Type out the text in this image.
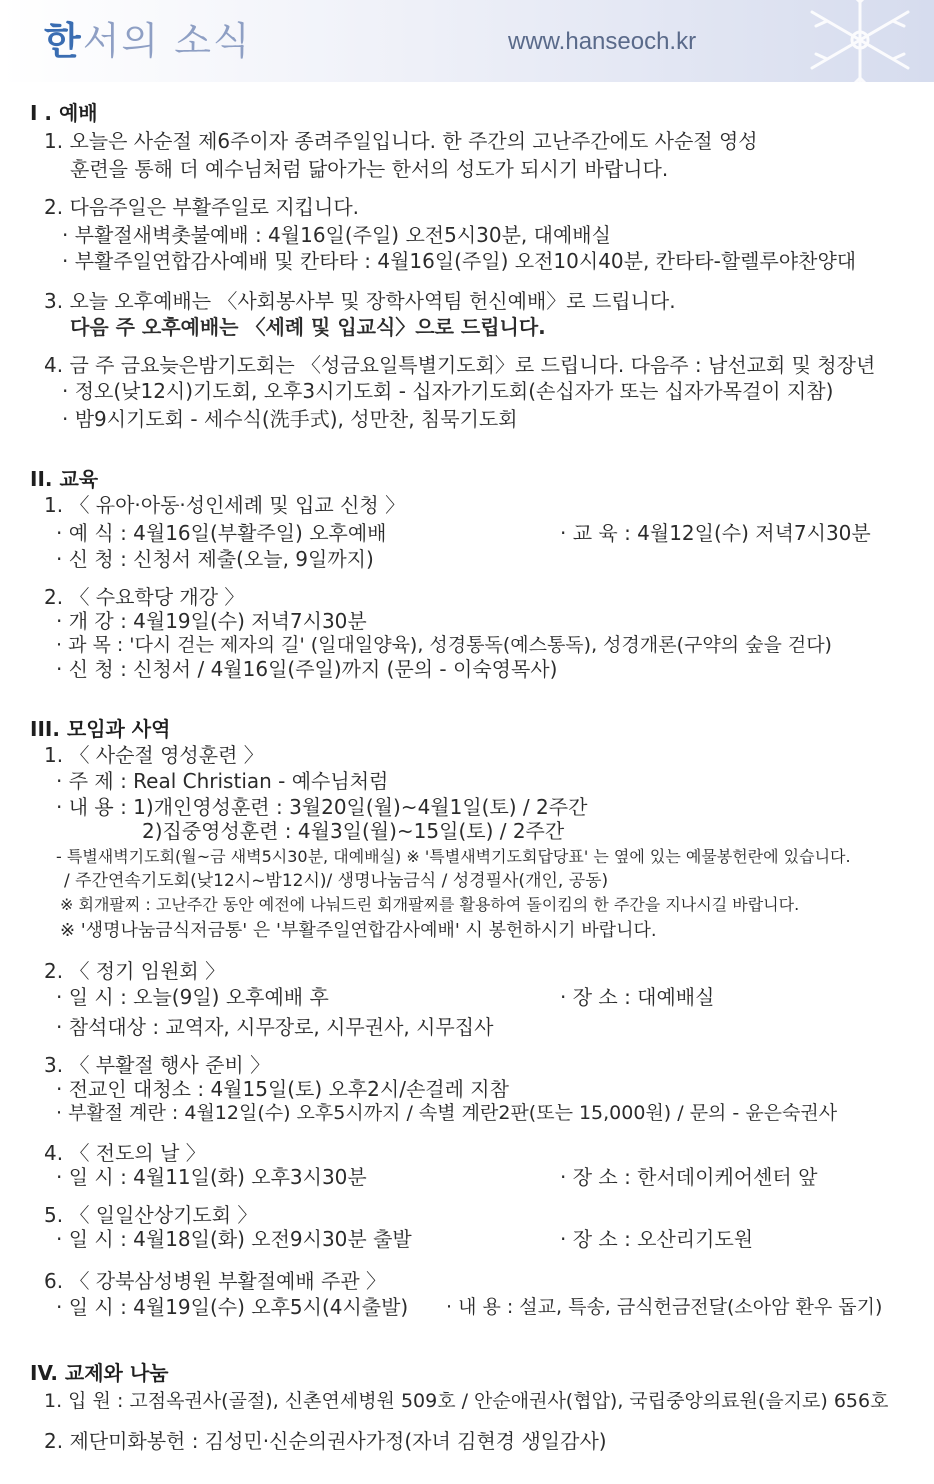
한서의 소식	www.hanseoch.kr
I . 예배
1. 오늘은 사순절 제6주이자 종려주일입니다. 한 주간의 고난주간에도 사순절 영성
훈련을 통해 더 예수님처럼 닮아가는 한서의 성도가 되시기 바랍니다.
2. 다음주일은 부활주일로 지킵니다.
· 부활절새벽촛불예배 : 4월16일(주일) 오전5시30분, 대예배실
· 부활주일연합감사예배 및 칸타타 : 4월16일(주일) 오전10시40분, 칸타타-할렐루야찬양대
3. 오늘 오후예배는 〈사회봉사부 및 장학사역팀 헌신예배〉로 드립니다.
다음 주 오후예배는 〈세례 및 입교식〉으로 드립니다.
4. 금 주 금요늦은밤기도회는 〈성금요일특별기도회〉로 드립니다. 다음주 : 남선교회 및 청장년
· 정오(낮12시)기도회, 오후3시기도회 - 십자가기도회(손십자가 또는 십자가목걸이 지참)
· 밤9시기도회 - 세수식(洗手式), 성만찬, 침묵기도회
II. 교육
1. 〈 유아·아동·성인세례 및 입교 신청 〉
· 예 식 : 4월16일(부활주일) 오후예배	· 교 육 : 4월12일(수) 저녁7시30분
· 신 청 : 신청서 제출(오늘, 9일까지)
2. 〈 수요학당 개강 〉
· 개 강 : 4월19일(수) 저녁7시30분
· 과 목 : '다시 걷는 제자의 길' (일대일양육), 성경통독(예스통독), 성경개론(구약의 숲을 걷다)
· 신 청 : 신청서 / 4월16일(주일)까지 (문의 - 이숙영목사)
III. 모임과 사역
1. 〈 사순절 영성훈련 〉
· 주 제 : Real Christian - 예수님처럼
· 내 용 : 1)개인영성훈련 : 3월20일(월)~4월1일(토) / 2주간
2)집중영성훈련 : 4월3일(월)~15일(토) / 2주간
- 특별새벽기도회(월~금 새벽5시30분, 대예배실) ※ '특별새벽기도회답당표' 는 옆에 있는 예물봉헌란에 있습니다.
/ 주간연속기도회(낮12시~밤12시)/ 생명나눔금식 / 성경필사(개인, 공동)
※ 회개팔찌 : 고난주간 동안 예전에 나눠드린 회개팔찌를 활용하여 돌이킴의 한 주간을 지나시길 바랍니다.
※ '생명나눔금식저금통' 은 '부활주일연합감사예배' 시 봉헌하시기 바랍니다.
2. 〈 정기 임원회 〉
· 일 시 : 오늘(9일) 오후예배 후	· 장 소 : 대예배실
· 참석대상 : 교역자, 시무장로, 시무권사, 시무집사
3. 〈 부활절 행사 준비 〉
· 전교인 대청소 : 4월15일(토) 오후2시/손걸레 지참
· 부활절 계란 : 4월12일(수) 오후5시까지 / 속별 계란2판(또는 15,000원) / 문의 - 윤은숙권사
4. 〈 전도의 날 〉
· 일 시 : 4월11일(화) 오후3시30분	· 장 소 : 한서데이케어센터 앞
5. 〈 일일산상기도회 〉
· 일 시 : 4월18일(화) 오전9시30분 출발	· 장 소 : 오산리기도원
6. 〈 강북삼성병원 부활절예배 주관 〉
· 일 시 : 4월19일(수) 오후5시(4시출발) · 내 용 : 설교, 특송, 금식헌금전달(소아암 환우 돕기)
IV. 교제와 나눔
1. 입 원 : 고점옥권사(골절), 신촌연세병원 509호 / 안순애권사(협압), 국립중앙의료원(을지로) 656호
2. 제단미화봉헌 : 김성민·신순의권사가정(자녀 김현경 생일감사)
